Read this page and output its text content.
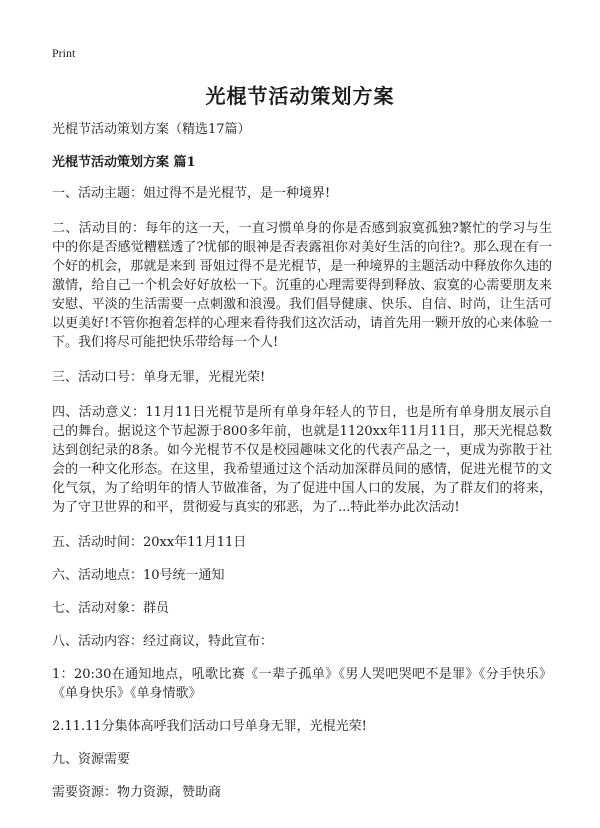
Print
光棍节活动策划方案

光棍节活动策划方案（精选17篇）

光棍节活动策划方案 篇1

一、活动主题：姐过得不是光棍节，是一种境界!

二、活动目的：每年的这一天，一直习惯单身的你是否感到寂寞孤独?繁忙的学习与生中的你是否感觉糟糕透了?忧郁的眼神是否表露祖你对美好生活的向往?。那么现在有一个好的机会，那就是来到 哥姐过得不是光棍节，是一种境界的主题活动中释放你久违的激情，给自己一个机会好好放松一下。沉重的心理需要得到释放、寂寞的心需要朋友来安慰、平淡的生活需要一点刺激和浪漫。我们倡导健康、快乐、自信、时尚，让生活可以更美好!不管你抱着怎样的心理来看待我们这次活动，请首先用一颗开放的心来体验一下。我们将尽可能把快乐带给每一个人!

三、活动口号：单身无罪，光棍光荣!

四、活动意义：11月11日光棍节是所有单身年轻人的节日，也是所有单身朋友展示自己的舞台。据说这个节起源于800多年前，也就是1120xx年11月11日，那天光棍总数达到创纪录的8条。如今光棍节不仅是校园趣味文化的代表产品之一，更成为弥散于社会的一种文化形态。在这里，我希望通过这个活动加深群员间的感情，促进光棍节的文化气氛，为了给明年的情人节做准备，为了促进中国人口的发展，为了群友们的将来，为了守卫世界的和平，贯彻爱与真实的邪恶，为了...特此举办此次活动!

五、活动时间：20xx年11月11日

六、活动地点：10号统一通知

七、活动对象：群员

八、活动内容：经过商议，特此宣布：

1：20:30在通知地点，吼歌比赛《一辈子孤单》《男人哭吧哭吧不是罪》《分手快乐》《单身快乐》《单身情歌》

2.11.11分集体高呼我们活动口号单身无罪，光棍光荣!

九、资源需要

需要资源：物力资源，赞助商
